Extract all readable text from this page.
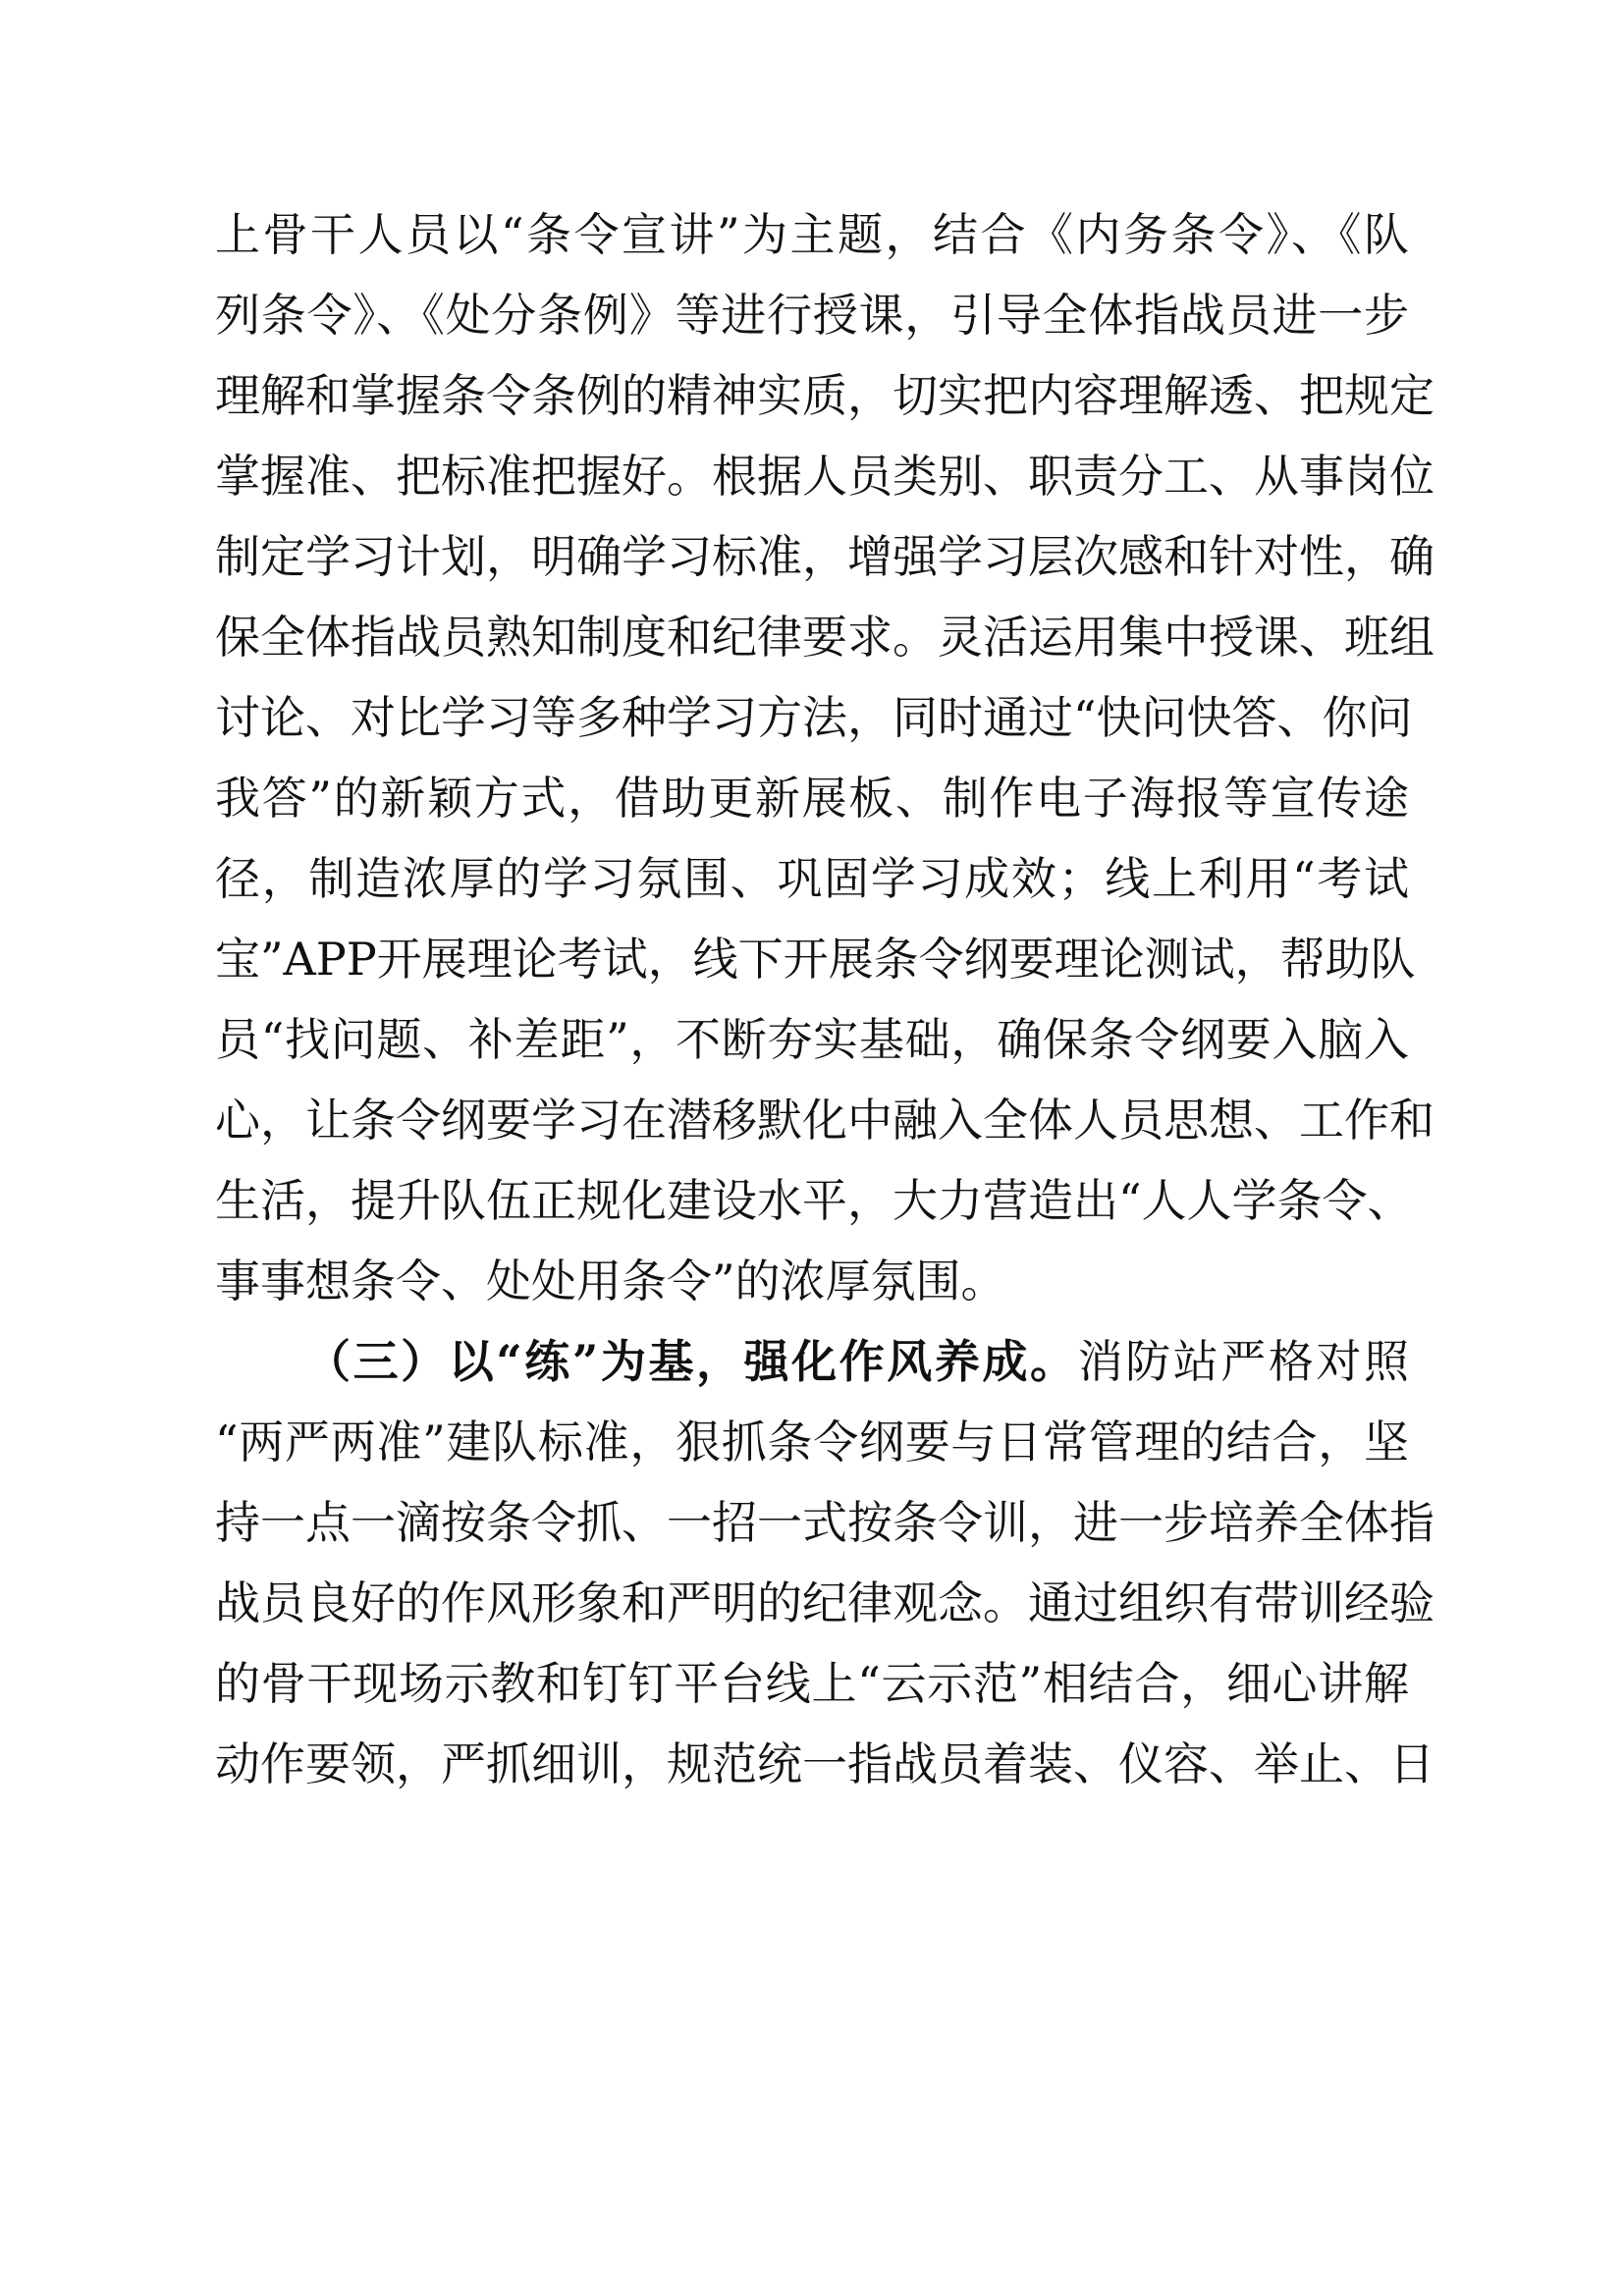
上骨干人员以“条令宣讲”为主题，结合《内务条令》、《队
列条令》、《处分条例》等进行授课，引导全体指战员进一步
理解和掌握条令条例的精神实质，切实把内容理解透、把规定
掌握准、把标准把握好。根据人员类别、职责分工、从事岗位
制定学习计划，明确学习标准，增强学习层次感和针对性，确
保全体指战员熟知制度和纪律要求。灵活运用集中授课、班组
讨论、对比学习等多种学习方法，同时通过“快问快答、你问
我答”的新颖方式，借助更新展板、制作电子海报等宣传途
径，制造浓厚的学习氛围、巩固学习成效；线上利用“考试
宝”APP开展理论考试，线下开展条令纲要理论测试，帮助队
员“找问题、补差距”，不断夯实基础，确保条令纲要入脑入
心，让条令纲要学习在潜移默化中融入全体人员思想、工作和
生活，提升队伍正规化建设水平，大力营造出“人人学条令、
事事想条令、处处用条令”的浓厚氛围。
（三）以“练”为基，强化作风养成。消防站严格对照
“两严两准”建队标准，狠抓条令纲要与日常管理的结合，坚
持一点一滴按条令抓、一招一式按条令训，进一步培养全体指
战员良好的作风形象和严明的纪律观念。通过组织有带训经验
的骨干现场示教和钉钉平台线上“云示范”相结合，细心讲解
动作要领，严抓细训，规范统一指战员着装、仪容、举止、日
